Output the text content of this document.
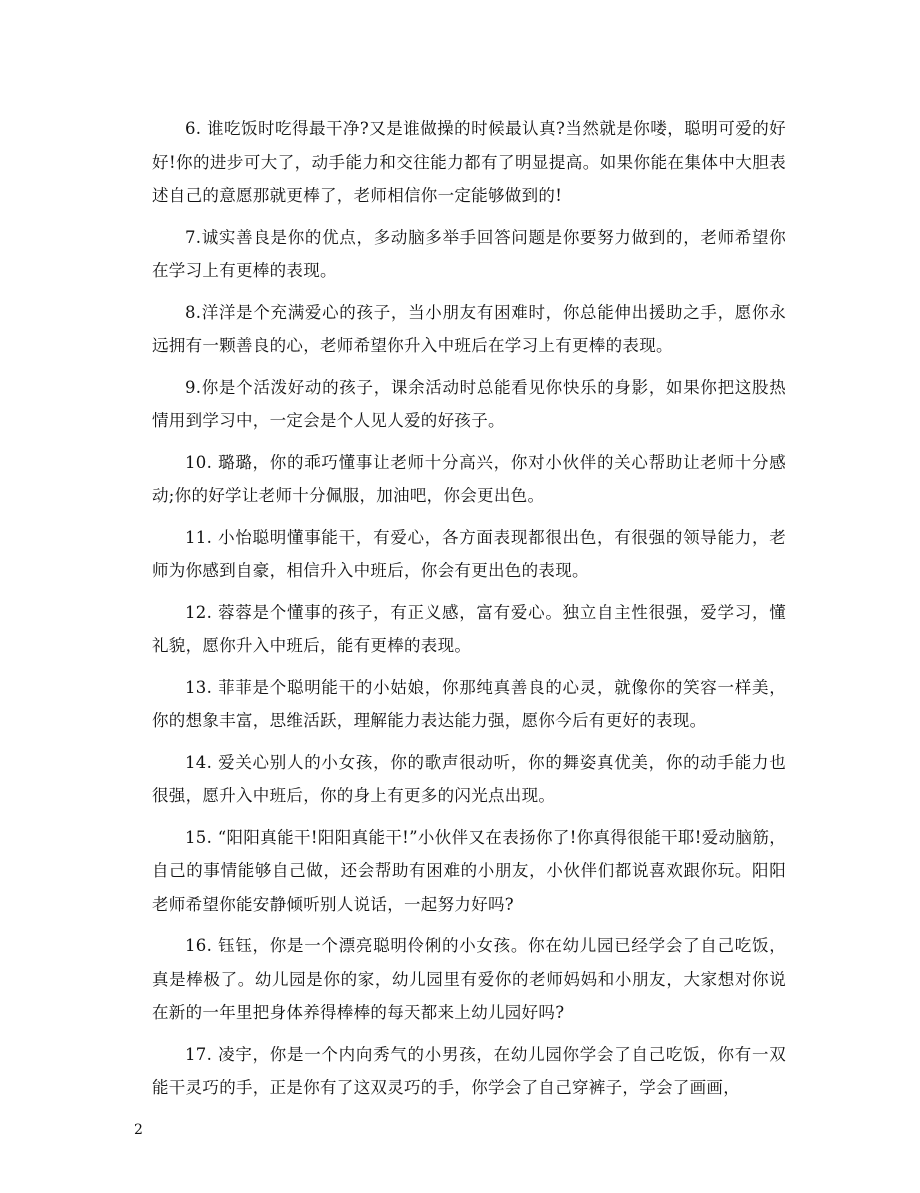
6. 谁吃饭时吃得最干净?又是谁做操的时候最认真?当然就是你喽，聪明可爱的好好!你的进步可大了，动手能力和交往能力都有了明显提高。如果你能在集体中大胆表述自己的意愿那就更棒了，老师相信你一定能够做到的!

7.诚实善良是你的优点，多动脑多举手回答问题是你要努力做到的，老师希望你在学习上有更棒的表现。

8.洋洋是个充满爱心的孩子，当小朋友有困难时，你总能伸出援助之手，愿你永远拥有一颗善良的心，老师希望你升入中班后在学习上有更棒的表现。

9.你是个活泼好动的孩子，课余活动时总能看见你快乐的身影，如果你把这股热情用到学习中，一定会是个人见人爱的好孩子。

10. 璐璐，你的乖巧懂事让老师十分高兴，你对小伙伴的关心帮助让老师十分感动;你的好学让老师十分佩服，加油吧，你会更出色。

11. 小怡聪明懂事能干，有爱心，各方面表现都很出色，有很强的领导能力，老师为你感到自豪，相信升入中班后，你会有更出色的表现。

12. 蓉蓉是个懂事的孩子，有正义感，富有爱心。独立自主性很强，爱学习，懂礼貌，愿你升入中班后，能有更棒的表现。

13. 菲菲是个聪明能干的小姑娘，你那纯真善良的心灵，就像你的笑容一样美，你的想象丰富，思维活跃，理解能力表达能力强，愿你今后有更好的表现。

14. 爱关心别人的小女孩，你的歌声很动听，你的舞姿真优美，你的动手能力也很强，愿升入中班后，你的身上有更多的闪光点出现。

15. “阳阳真能干!阳阳真能干!”小伙伴又在表扬你了!你真得很能干耶!爱动脑筋，自己的事情能够自己做，还会帮助有困难的小朋友，小伙伴们都说喜欢跟你玩。阳阳老师希望你能安静倾听别人说话，一起努力好吗?

16. 钰钰，你是一个漂亮聪明伶俐的小女孩。你在幼儿园已经学会了自己吃饭，真是棒极了。幼儿园是你的家，幼儿园里有爱你的老师妈妈和小朋友，大家想对你说在新的一年里把身体养得棒棒的每天都来上幼儿园好吗?

17. 凌宇，你是一个内向秀气的小男孩，在幼儿园你学会了自己吃饭，你有一双能干灵巧的手，正是你有了这双灵巧的手，你学会了自己穿裤子，学会了画画，

2
